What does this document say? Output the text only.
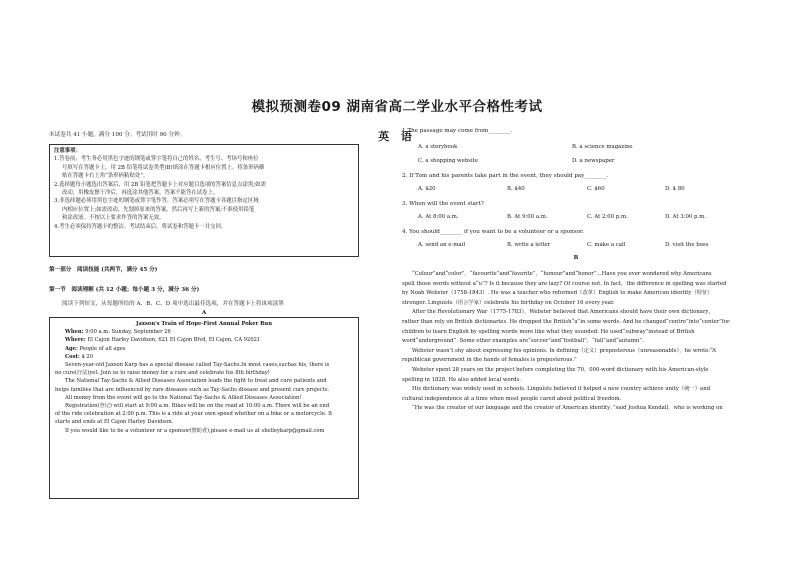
模拟预测卷09 湖南省高二学业水平合格性考试
英 语
本试卷共 41 小题，满分 100 分。考试用时 90 分钟。
注意事项：
1.答卷前，考生务必用黑色字迹的钢笔或签字笔将自己的姓名、考生号、考场号和座位
号填写在答题卡上。用 2B 铅笔将试卷类型(B)填涂在答题卡相应位置上。将条形码横
贴在答题卡右上角“条形码粘贴处”。
2.选择题每小题选出答案后，用 2B 铅笔把答题卡上对应题目选项的答案信息点涂黑;如需
改动，用橡皮擦干净后，再选涂其他答案。答案不能答在试卷上。
3.非选择题必须用黑色字迹的钢笔或签字笔作答，答案必须写在答题卡各题目指定区域
内相应位置上;如需改动，先划掉原来的答案，然后再写上新的答案;不准使用铅笔
和涂改液。不按以上要求作答的答案无效。
4.考生必须保持答题卡的整洁。考试结束后，将试卷和答题卡一并交回。
第一部分　阅读技能 (共两节，满分 45 分)
第一节　阅读理解 (共 12 小题；每小题 3 分，满分 36 分)
阅读下列短文，从每题所给的 A、B、C、D 项中选出最佳选项，并在答题卡上将该项涂黑
A
Jaxson's Train of Hope-First Annual Poker Run
When: 9:00 a.m. Sunday, September 26
Where: El Cajon Harley Davidson, 621 El Cajon Blvd, El Cajon, CA 92021
Age: People of all ages
Cost: $ 20
Seven-year-old Jaxson Karp has a special disease called Tay-Sachs.In most cases,suchas his, there is
no cure(疗法)yet. Join us to raise money for a cure and celebrate his 8th birthday!
The National Tay-Sachs & Allied Diseases Association leads the fight to treat and cure patients and
helps families that are influenced by rare diseases such as Tay-Sachs disease and present cure projects.
All money from the event will go to the National Tay-Sachs & Allied Diseases Association!
Registration(登记) will start at 9:00 a.m. Bikes will be on the road at 10:00 a.m. There will be an end
of the ride celebration at 2:00 p.m. This is a ride at your own speed whether on a bike or a motorcycle. It
starts and ends at El Cajon Harley Davidson.
If you would like to be a volunteer or a sponsor(赞助者),please e-mail us at shelleykarp@gmail.com
1.The passage may come from________.
A. a storybook	B. a science magazine
C. a shopping website	D. a newspaper
2. If Tom and his parents take part in the event, they should pay________.
A. $20	B. $40	C. $60	D. $ 80
3. When will the event start?
A. At 8:00 a.m.	B. At 9:00 a.m.	C. At 2:00 p.m.	D. At 3:00 p.m.
4. You should________ if you want to be a volunteer or a sponsor.
A. send an e-mail	B. write a letter	C. make a call	D. visit the boss
B
“Colour”and“color”，“favourite”and“favorite”，“honour”and“honor”…Have you ever wondered why Americans
spell those words without a“u”? Is it because they are lazy? Of course not. In fact，the difference in spelling was started
by Noah Webster（1758-1843）. He was a teacher who reformed（改革）English to make American identity（特征）
stronger. Linguists（语言学家）celebrate his birthday on October 16 every year.
After the Revolutionary War（1775-1783），Webster believed that Americans should have their own dictionary，
rather than rely on British dictionaries. He dropped the British“u”in some words. And he changed“centre”into“center”for
children to learn English by spelling words more like what they sounded. He used“subway”instead of British
word“underground”. Some other examples are“soccer”and“football”，“fall”and“autumn”.
Webster wasn’t shy about expressing his opinions. In defining（定义）preposterous（unreasonable），he wrote:“A
republican government in the hands of females is preposterous.”
Webster spent 28 years on the project before completing the 70，000-word dictionary with his American-style
spelling in 1828. He also added local words.
His dictionary was widely used in schools. Linguists believed it helped a new country achieve unity（统一）and
cultural independence at a time when most people cared about political freedom.
“He was the creator of our language and the creator of American identity，”said Joshua Kendall，who is working on
